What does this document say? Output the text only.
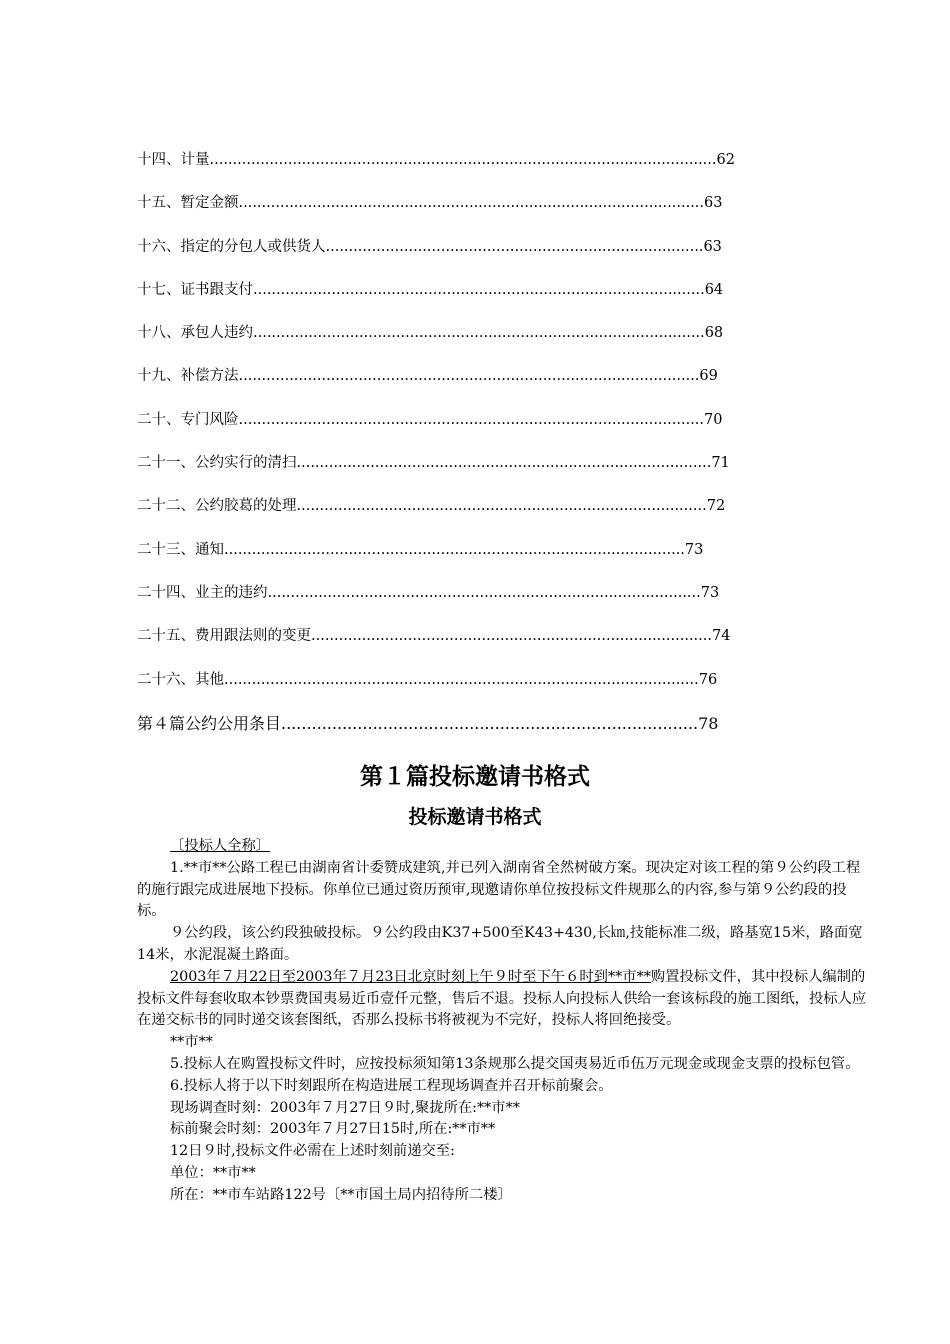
十四、计量..............................................................................................................62
十五、暂定金额.....................................................................................................63
十六、指定的分包人或供货人..................................................................................63
十七、证书跟支付..................................................................................................64
十八、承包人违约..................................................................................................68
十九、补偿方法....................................................................................................69
二十、专门风险.....................................................................................................70
二十一、公约实行的清扫..........................................................................................71
二十二、公约胶葛的处理.........................................................................................72
二十三、通知....................................................................................................73
二十四、业主的违约..............................................................................................73
二十五、费用跟法则的变更.......................................................................................74
二十六、其他.......................................................................................................76
第４篇公约公用条目..................................................................................78
第１篇投标邀请书格式
投标邀请书格式

〔投标人全称〕

1.**市**公路工程已由湖南省计委赞成建筑,并已列入湖南省全然树破方案。现决定对该工程的第９公约段工程的施行跟完成进展地下投标。你单位已通过资历预审,现邀请你单位按投标文件规那么的内容,参与第９公约段的投标。

９公约段，该公约段独破投标。９公约段由K37+500至K43+430,长㎞,技能标准二级，路基宽15米，路面宽14米，水泥混凝土路面。

2003年７月22日至2003年７月23日北京时刻上午９时至下午６时到**市**购置投标文件，其中投标人编制的投标文件每套收取本钞票费国夷易近币壹仟元整，售后不退。投标人向投标人供给一套该标段的施工图纸，投标人应在递交标书的同时递交该套图纸，否那么投标书将被视为不完好，投标人将回绝接受。

**市**

5.投标人在购置投标文件时，应按投标须知第13条规那么提交国夷易近币伍万元现金或现金支票的投标包管。

6.投标人将于以下时刻跟所在构造进展工程现场调查并召开标前聚会。

现场调查时刻：2003年７月27日９时,聚拢所在:**市**

标前聚会时刻：2003年７月27日15时,所在:**市**

12日９时,投标文件必需在上述时刻前递交至:

单位：**市**

所在：**市车站路122号〔**市国土局内招待所二楼〕
